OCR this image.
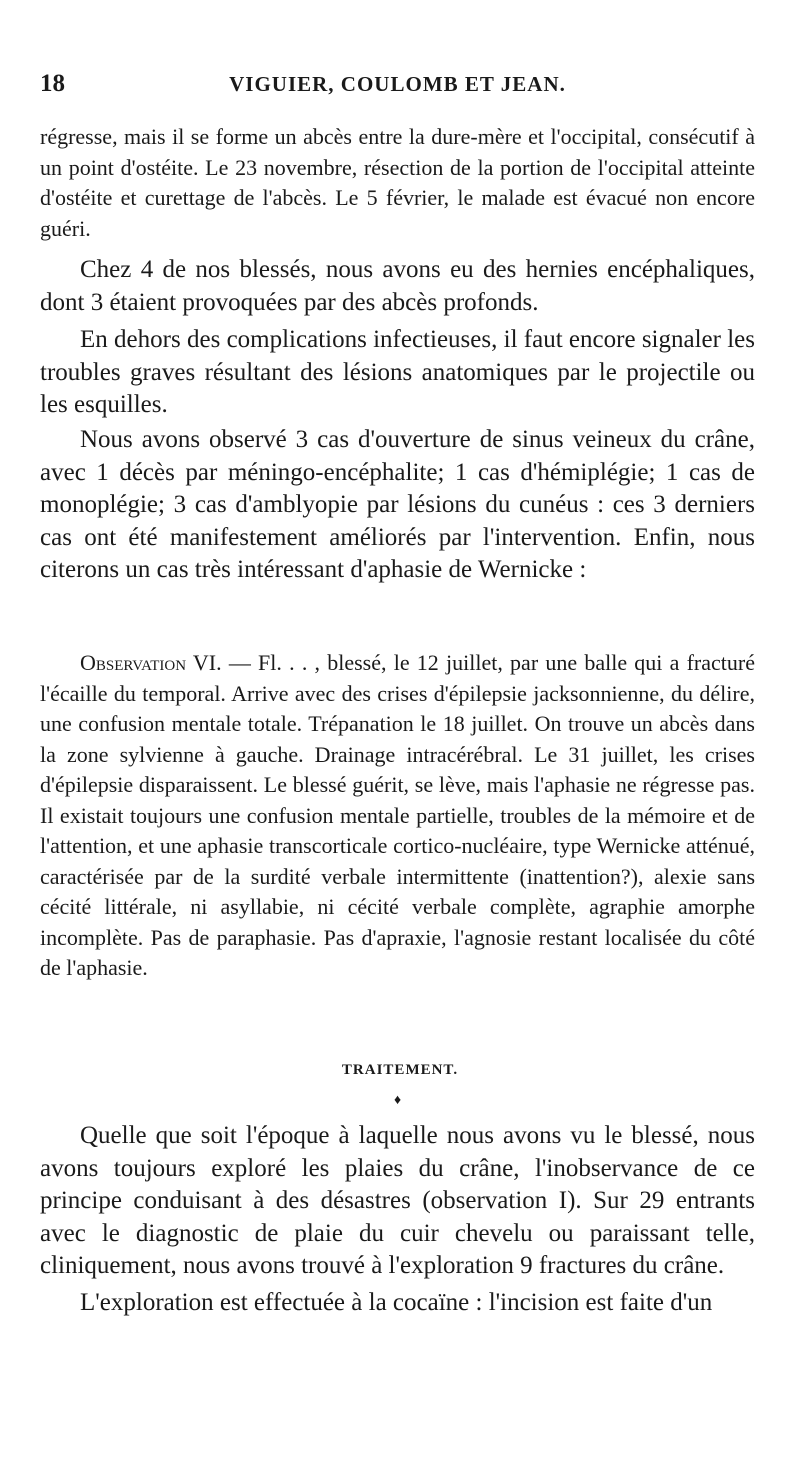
18	VIGUIER, COULOMB ET JEAN.

régresse, mais il se forme un abcès entre la dure-mère et l'occipital, consécutif à un point d'ostéite. Le 23 novembre, résection de la portion de l'occipital atteinte d'ostéite et curettage de l'abcès. Le 5 février, le malade est évacué non encore guéri.

Chez 4 de nos blessés, nous avons eu des hernies encéphaliques, dont 3 étaient provoquées par des abcès profonds.

En dehors des complications infectieuses, il faut encore signaler les troubles graves résultant des lésions anatomiques par le projectile ou les esquilles.

Nous avons observé 3 cas d'ouverture de sinus veineux du crâne, avec 1 décès par méningo-encéphalite; 1 cas d'hémiplégie; 1 cas de monoplégie; 3 cas d'amblyopie par lésions du cunéus : ces 3 derniers cas ont été manifestement améliorés par l'intervention. Enfin, nous citerons un cas très intéressant d'aphasie de Wernicke :

Observation VI. — Fl. . . , blessé, le 12 juillet, par une balle qui a fracturé l'écaille du temporal. Arrive avec des crises d'épilepsie jacksonnienne, du délire, une confusion mentale totale. Trépanation le 18 juillet. On trouve un abcès dans la zone sylvienne à gauche. Drainage intracérébral. Le 31 juillet, les crises d'épilepsie disparaissent. Le blessé guérit, se lève, mais l'aphasie ne régresse pas. Il existait toujours une confusion mentale partielle, troubles de la mémoire et de l'attention, et une aphasie transcorticale cortico-nucléaire, type Wernicke atténué, caractérisée par de la surdité verbale intermittente (inattention?), alexie sans cécité littérale, ni asyllabie, ni cécité verbale complète, agraphie amorphe incomplète. Pas de paraphasie. Pas d'apraxie, l'agnosie restant localisée du côté de l'aphasie.

TRAITEMENT.
♦

Quelle que soit l'époque à laquelle nous avons vu le blessé, nous avons toujours exploré les plaies du crâne, l'inobservance de ce principe conduisant à des désastres (observation I). Sur 29 entrants avec le diagnostic de plaie du cuir chevelu ou paraissant telle, cliniquement, nous avons trouvé à l'exploration 9 fractures du crâne.

L'exploration est effectuée à la cocaïne : l'incision est faite d'un
